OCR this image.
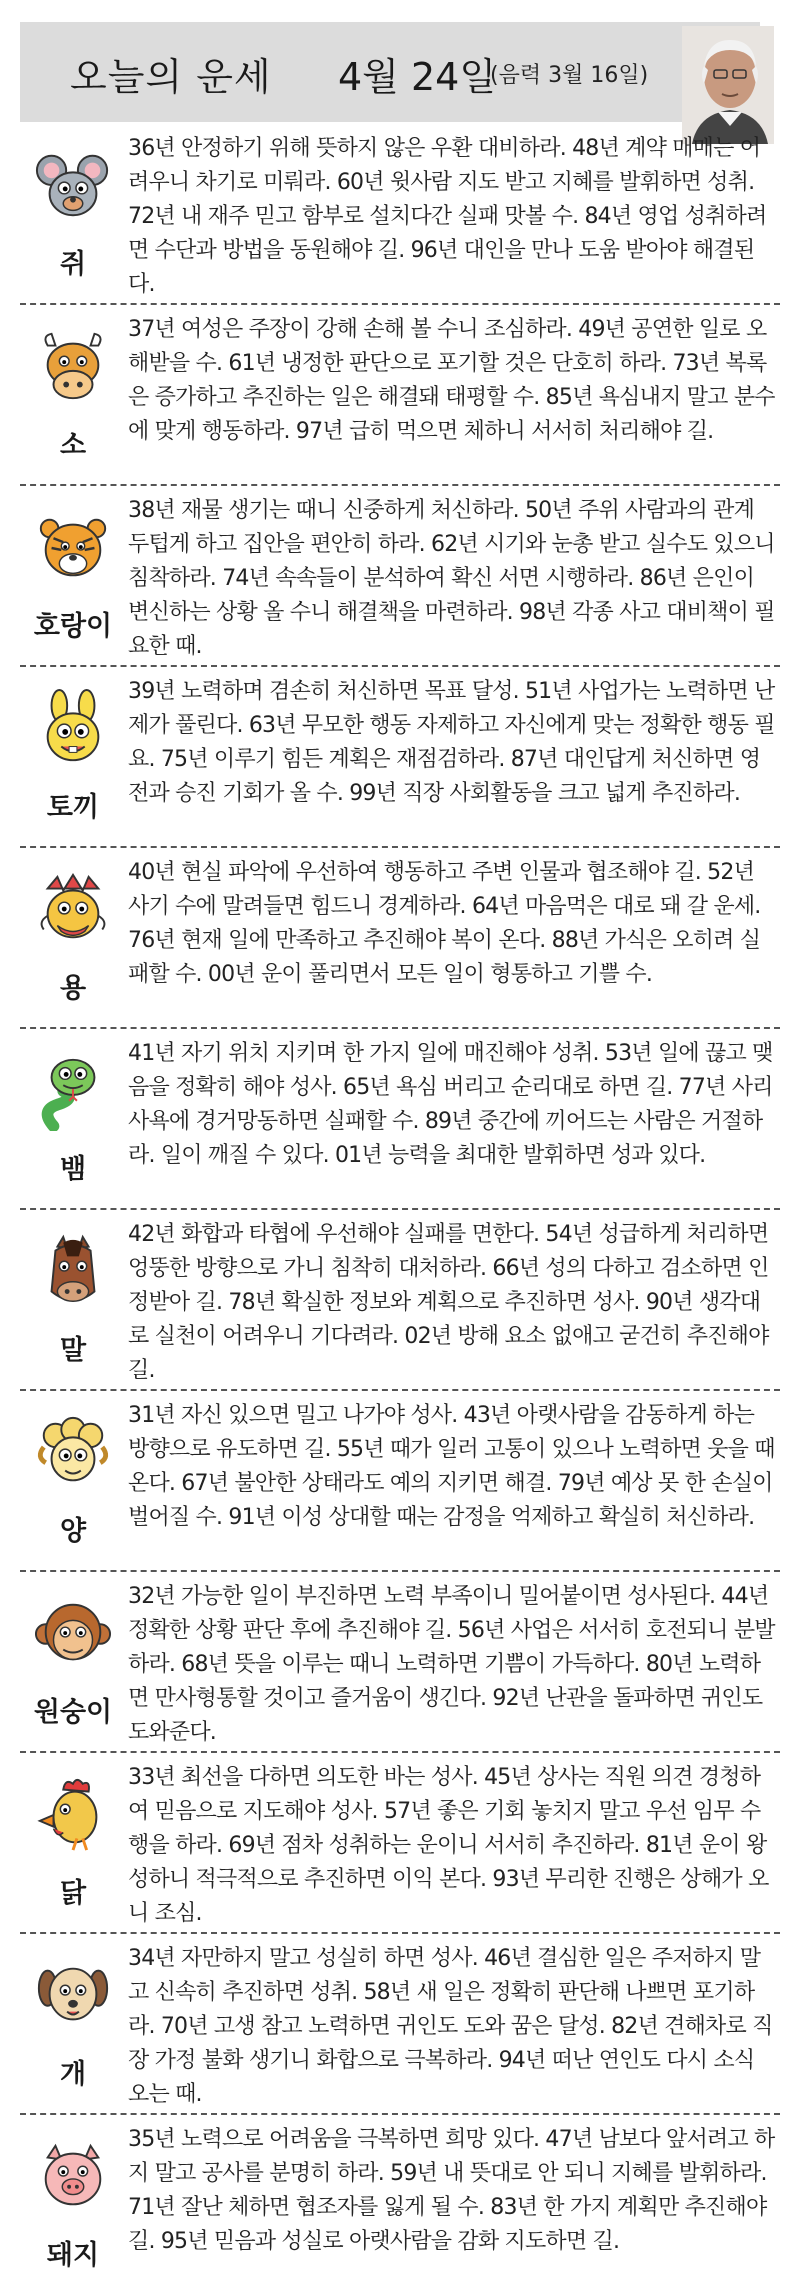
오늘의 운세 4월 24일
(음력 3월 16일)
쥐
36년 안정하기 위해 뜻하지 않은 우환 대비하라. 48년 계약 매매는 어려우니 차기로 미뤄라. 60년 윗사람 지도 받고 지혜를 발휘하면 성취. 72년 내 재주 믿고 함부로 설치다간 실패 맛볼 수. 84년 영업 성취하려면 수단과 방법을 동원해야 길. 96년 대인을 만나 도움 받아야 해결된다.
소
37년 여성은 주장이 강해 손해 볼 수니 조심하라. 49년 공연한 일로 오해받을 수. 61년 냉정한 판단으로 포기할 것은 단호히 하라. 73년 복록은 증가하고 추진하는 일은 해결돼 태평할 수. 85년 욕심내지 말고 분수에 맞게 행동하라. 97년 급히 먹으면 체하니 서서히 처리해야 길.
호랑이
38년 재물 생기는 때니 신중하게 처신하라. 50년 주위 사람과의 관계 두텁게 하고 집안을 편안히 하라. 62년 시기와 눈총 받고 실수도 있으니 침착하라. 74년 속속들이 분석하여 확신 서면 시행하라. 86년 은인이 변신하는 상황 올 수니 해결책을 마련하라. 98년 각종 사고 대비책이 필요한 때.
토끼
39년 노력하며 겸손히 처신하면 목표 달성. 51년 사업가는 노력하면 난제가 풀린다. 63년 무모한 행동 자제하고 자신에게 맞는 정확한 행동 필요. 75년 이루기 힘든 계획은 재점검하라. 87년 대인답게 처신하면 영전과 승진 기회가 올 수. 99년 직장 사회활동을 크고 넓게 추진하라.
용
40년 현실 파악에 우선하여 행동하고 주변 인물과 협조해야 길. 52년 사기 수에 말려들면 힘드니 경계하라. 64년 마음먹은 대로 돼 갈 운세. 76년 현재 일에 만족하고 추진해야 복이 온다. 88년 가식은 오히려 실패할 수. 00년 운이 풀리면서 모든 일이 형통하고 기쁠 수.
뱀
41년 자기 위치 지키며 한 가지 일에 매진해야 성취. 53년 일에 끊고 맺음을 정확히 해야 성사. 65년 욕심 버리고 순리대로 하면 길. 77년 사리사욕에 경거망동하면 실패할 수. 89년 중간에 끼어드는 사람은 거절하라. 일이 깨질 수 있다. 01년 능력을 최대한 발휘하면 성과 있다.
말
42년 화합과 타협에 우선해야 실패를 면한다. 54년 성급하게 처리하면 엉뚱한 방향으로 가니 침착히 대처하라. 66년 성의 다하고 검소하면 인정받아 길. 78년 확실한 정보와 계획으로 추진하면 성사. 90년 생각대로 실천이 어려우니 기다려라. 02년 방해 요소 없애고 굳건히 추진해야 길.
양
31년 자신 있으면 밀고 나가야 성사. 43년 아랫사람을 감동하게 하는 방향으로 유도하면 길. 55년 때가 일러 고통이 있으나 노력하면 웃을 때 온다. 67년 불안한 상태라도 예의 지키면 해결. 79년 예상 못 한 손실이 벌어질 수. 91년 이성 상대할 때는 감정을 억제하고 확실히 처신하라.
원숭이
32년 가능한 일이 부진하면 노력 부족이니 밀어붙이면 성사된다. 44년 정확한 상황 판단 후에 추진해야 길. 56년 사업은 서서히 호전되니 분발하라. 68년 뜻을 이루는 때니 노력하면 기쁨이 가득하다. 80년 노력하면 만사형통할 것이고 즐거움이 생긴다. 92년 난관을 돌파하면 귀인도 도와준다.
닭
33년 최선을 다하면 의도한 바는 성사. 45년 상사는 직원 의견 경청하여 믿음으로 지도해야 성사. 57년 좋은 기회 놓치지 말고 우선 임무 수행을 하라. 69년 점차 성취하는 운이니 서서히 추진하라. 81년 운이 왕성하니 적극적으로 추진하면 이익 본다. 93년 무리한 진행은 상해가 오니 조심.
개
34년 자만하지 말고 성실히 하면 성사. 46년 결심한 일은 주저하지 말고 신속히 추진하면 성취. 58년 새 일은 정확히 판단해 나쁘면 포기하라. 70년 고생 참고 노력하면 귀인도 도와 꿈은 달성. 82년 견해차로 직장 가정 불화 생기니 화합으로 극복하라. 94년 떠난 연인도 다시 소식 오는 때.
돼지
35년 노력으로 어려움을 극복하면 희망 있다. 47년 남보다 앞서려고 하지 말고 공사를 분명히 하라. 59년 내 뜻대로 안 되니 지혜를 발휘하라. 71년 잘난 체하면 협조자를 잃게 될 수. 83년 한 가지 계획만 추진해야 길. 95년 믿음과 성실로 아랫사람을 감화 지도하면 길.
